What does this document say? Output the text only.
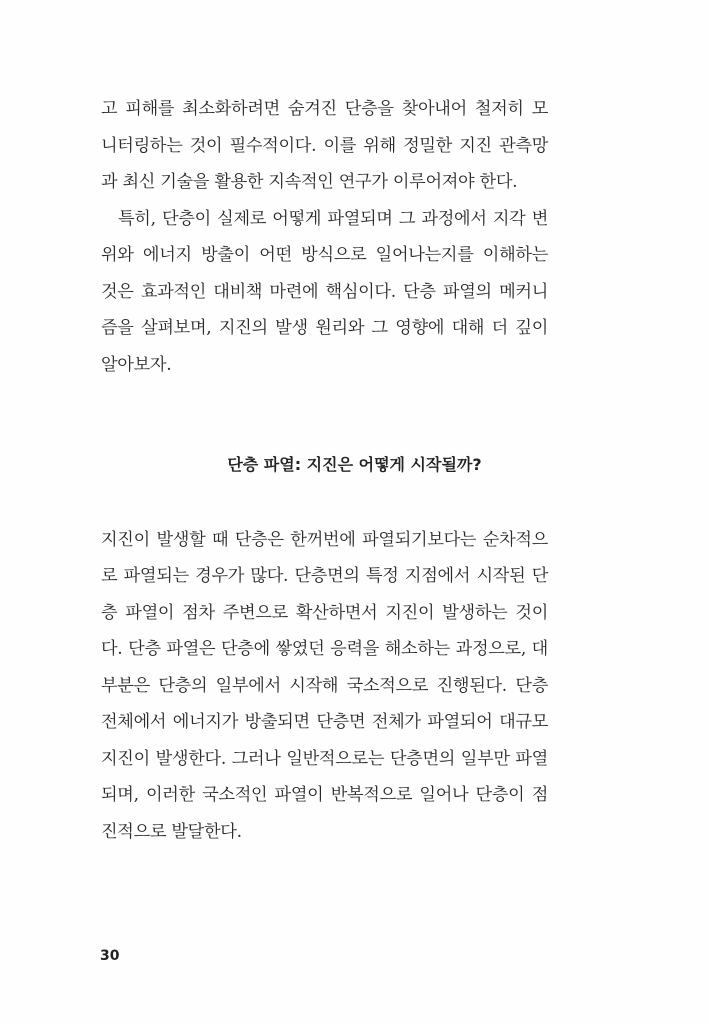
고 피해를 최소화하려면 숨겨진 단층을 찾아내어 철저히 모
니터링하는 것이 필수적이다. 이를 위해 정밀한 지진 관측망
과 최신 기술을 활용한 지속적인 연구가 이루어져야 한다.
특히, 단층이 실제로 어떻게 파열되며 그 과정에서 지각 변
위와 에너지 방출이 어떤 방식으로 일어나는지를 이해하는
것은 효과적인 대비책 마련에 핵심이다. 단층 파열의 메커니
즘을 살펴보며, 지진의 발생 원리와 그 영향에 대해 더 깊이
알아보자.
단층 파열: 지진은 어떻게 시작될까?
지진이 발생할 때 단층은 한꺼번에 파열되기보다는 순차적으
로 파열되는 경우가 많다. 단층면의 특정 지점에서 시작된 단
층 파열이 점차 주변으로 확산하면서 지진이 발생하는 것이
다. 단층 파열은 단층에 쌓였던 응력을 해소하는 과정으로, 대
부분은 단층의 일부에서 시작해 국소적으로 진행된다. 단층
전체에서 에너지가 방출되면 단층면 전체가 파열되어 대규모
지진이 발생한다. 그러나 일반적으로는 단층면의 일부만 파열
되며, 이러한 국소적인 파열이 반복적으로 일어나 단층이 점
진적으로 발달한다.
30
